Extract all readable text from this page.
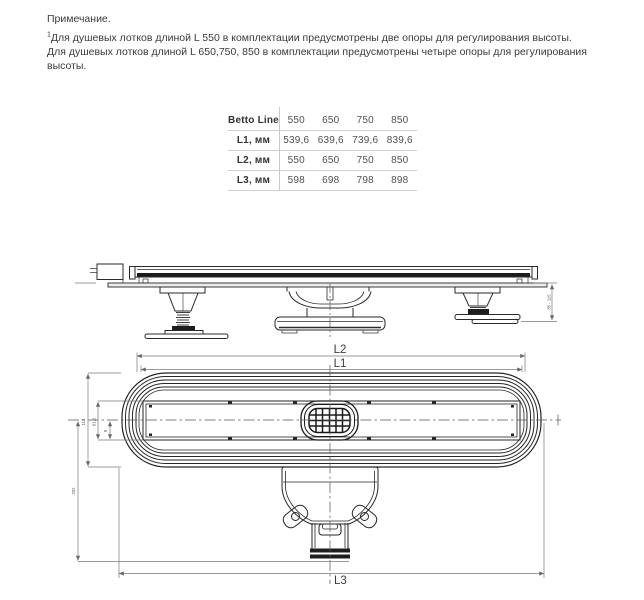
Примечание.
$^1$Для душевых лотков длиной L 550 в комплектации предусмотрены две опоры для регулирования высоты.
Для душевых лотков длиной L 650,750, 850 в комплектации предусмотрены четыре опоры для регулирования высоты.
Betto Line 550	650	750	850
L1, мм	539,6 639,6 739,6 839,6
L2, мм	550	650	750	850
L3, мм	598	698	798	898
85 - 115
L2
L1
112 61,6
9
202
L3
